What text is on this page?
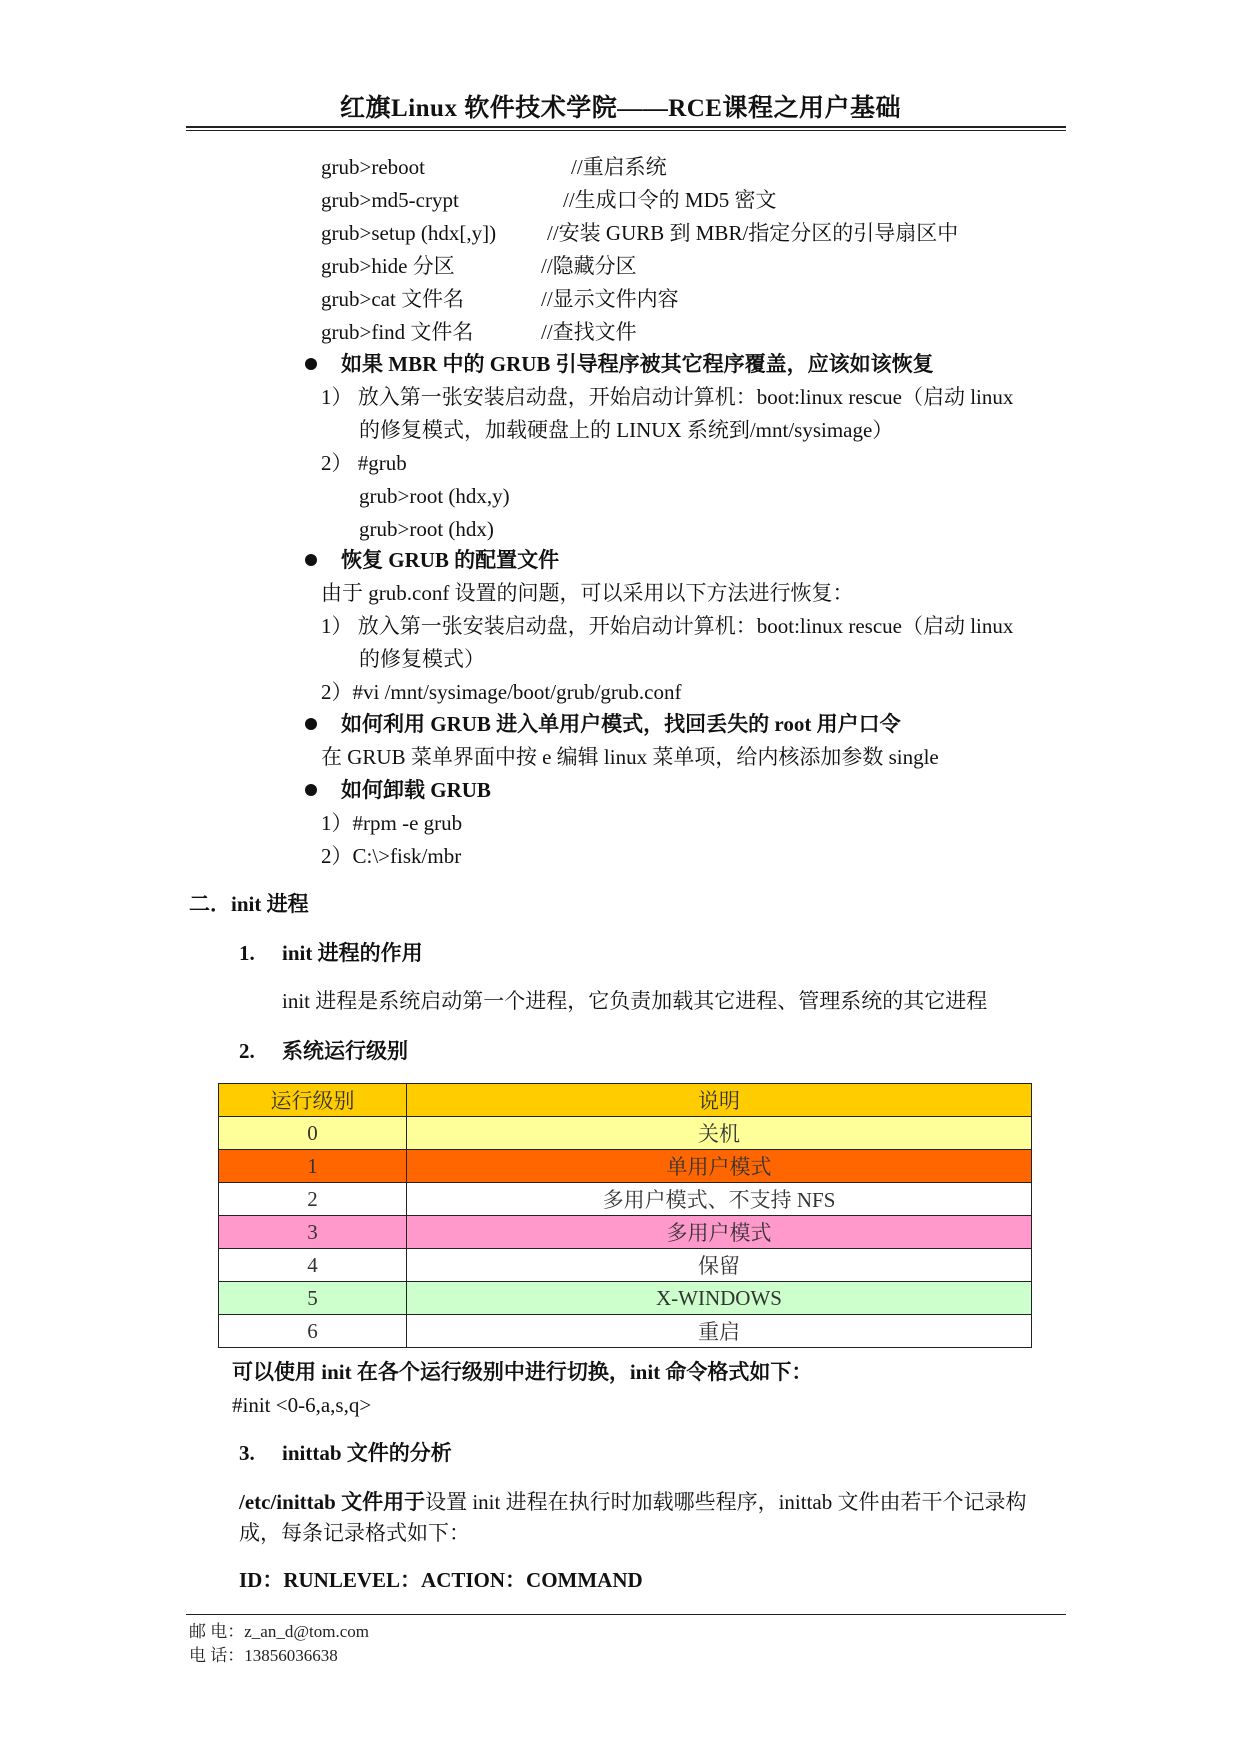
红旗Linux 软件技术学院——RCE课程之用户基础
grub>reboot	//重启系统
grub>md5-crypt	//生成口令的 MD5 密文
grub>setup (hdx[,y]) //安装 GURB 到 MBR/指定分区的引导扇区中
grub>hide 分区	//隐藏分区
grub>cat 文件名	//显示文件内容
grub>find 文件名	//查找文件
如果 MBR 中的 GRUB 引导程序被其它程序覆盖，应该如该恢复
1） 放入第一张安装启动盘，开始启动计算机：boot:linux rescue（启动 linux
的修复模式，加载硬盘上的 LINUX 系统到/mnt/sysimage）
2） #grub
grub>root (hdx,y)
grub>root (hdx)
恢复 GRUB 的配置文件
由于 grub.conf 设置的问题，可以采用以下方法进行恢复：
1） 放入第一张安装启动盘，开始启动计算机：boot:linux rescue（启动 linux
的修复模式）
2）#vi /mnt/sysimage/boot/grub/grub.conf
如何利用 GRUB 进入单用户模式，找回丢失的 root 用户口令
在 GRUB 菜单界面中按 e 编辑 linux 菜单项，给内核添加参数 single
如何卸载 GRUB
1）#rpm -e grub
2）C:\>fisk/mbr
二．init 进程
1. init 进程的作用
init 进程是系统启动第一个进程，它负责加载其它进程、管理系统的其它进程
2. 系统运行级别
运行级别	说明
0	关机
1	单用户模式
2	多用户模式、不支持 NFS
3	多用户模式
4	保留
5	X-WINDOWS
6	重启
可以使用 init 在各个运行级别中进行切换，init 命令格式如下：
#init <0-6,a,s,q>
3. inittab 文件的分析
/etc/inittab 文件用于设置 init 进程在执行时加载哪些程序，inittab 文件由若干个记录构
成，每条记录格式如下：
ID：RUNLEVEL：ACTION：COMMAND
邮 电：z_an_d@tom.com
电 话：13856036638
